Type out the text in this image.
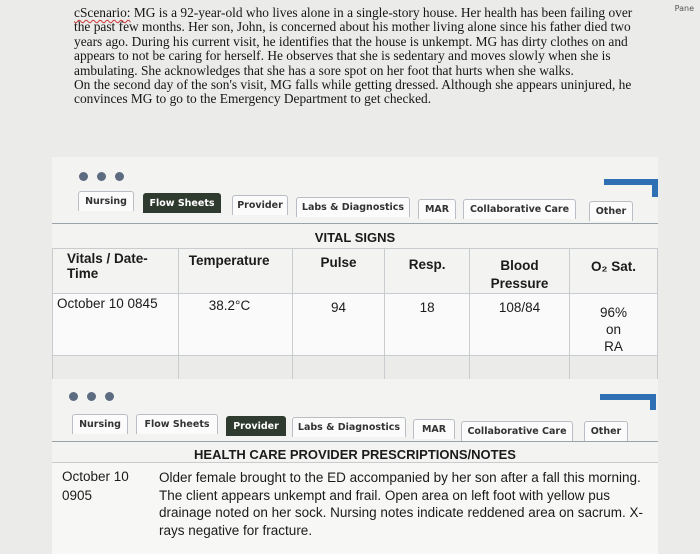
Pane

cScenario: MG is a 92-year-old who lives alone in a single-story house. Her health has been failing over the past few months. Her son, John, is concerned about his mother living alone since his father died two years ago. During his current visit, he identifies that the house is unkempt. MG has dirty clothes on and appears to not be caring for herself. He observes that she is sedentary and moves slowly when she is ambulating. She acknowledges that she has a sore spot on her foot that hurts when she walks.

On the second day of the son's visit, MG falls while getting dressed. Although she appears uninjured, he convinces MG to go to the Emergency Department to get checked.

Nursing	Flow Sheets	Provider	Labs & Diagnostics	MAR	Collaborative Care	Other
VITAL SIGNS
Vitals / Date-Time	Temperature	Pulse	Resp.	Blood Pressure	O₂ Sat.
October 10 0845	38.2°C	94	18	108/84	96% on RA

Nursing	Flow Sheets	Provider	Labs & Diagnostics	MAR	Collaborative Care	Other
HEALTH CARE PROVIDER PRESCRIPTIONS/NOTES
October 10 0905
Older female brought to the ED accompanied by her son after a fall this morning. The client appears unkempt and frail. Open area on left foot with yellow pus drainage noted on her sock. Nursing notes indicate reddened area on sacrum. X-rays negative for fracture.
